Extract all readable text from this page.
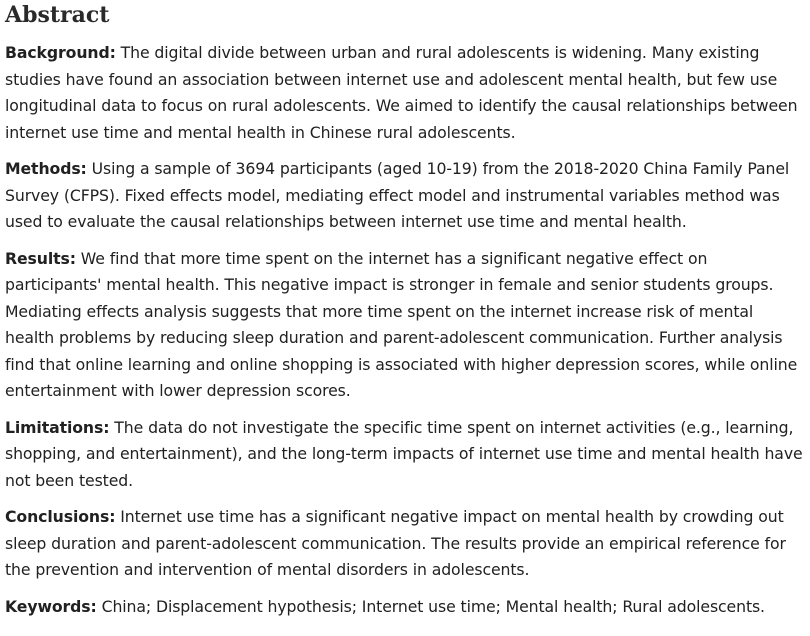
Abstract

Background: The digital divide between urban and rural adolescents is widening. Many existing studies have found an association between internet use and adolescent mental health, but few use longitudinal data to focus on rural adolescents. We aimed to identify the causal relationships between internet use time and mental health in Chinese rural adolescents.

Methods: Using a sample of 3694 participants (aged 10-19) from the 2018-2020 China Family Panel Survey (CFPS). Fixed effects model, mediating effect model and instrumental variables method was used to evaluate the causal relationships between internet use time and mental health.

Results: We find that more time spent on the internet has a significant negative effect on participants' mental health. This negative impact is stronger in female and senior students groups. Mediating effects analysis suggests that more time spent on the internet increase risk of mental health problems by reducing sleep duration and parent-adolescent communication. Further analysis find that online learning and online shopping is associated with higher depression scores, while online entertainment with lower depression scores.

Limitations: The data do not investigate the specific time spent on internet activities (e.g., learning, shopping, and entertainment), and the long-term impacts of internet use time and mental health have not been tested.

Conclusions: Internet use time has a significant negative impact on mental health by crowding out sleep duration and parent-adolescent communication. The results provide an empirical reference for the prevention and intervention of mental disorders in adolescents.

Keywords: China; Displacement hypothesis; Internet use time; Mental health; Rural adolescents.
